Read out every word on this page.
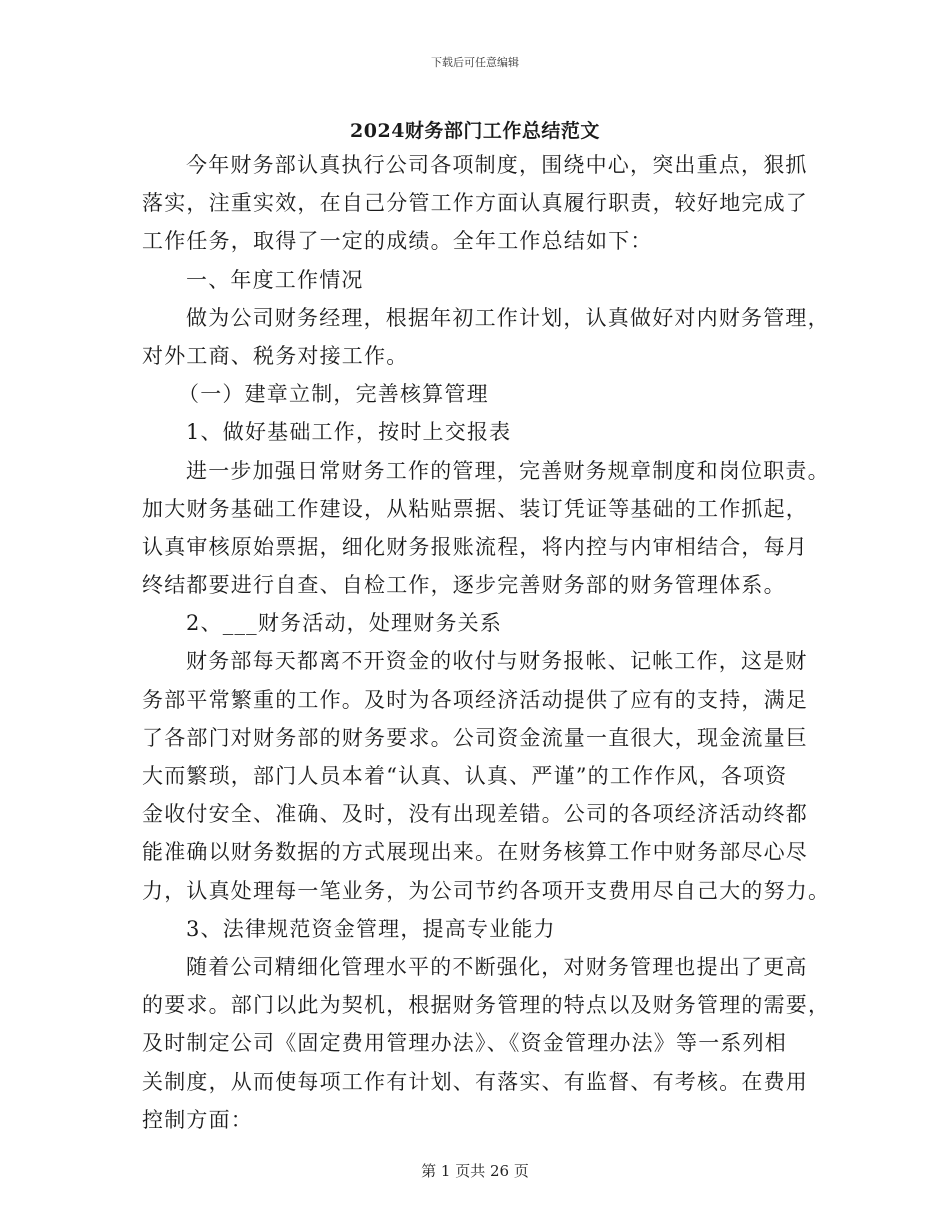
下载后可任意编辑
2024财务部门工作总结范文
今年财务部认真执行公司各项制度，围绕中心，突出重点，狠抓
落实，注重实效，在自己分管工作方面认真履行职责，较好地完成了
工作任务，取得了一定的成绩。全年工作总结如下：
一、年度工作情况
做为公司财务经理，根据年初工作计划，认真做好对内财务管理，
对外工商、税务对接工作。
（一）建章立制，完善核算管理
1、做好基础工作，按时上交报表
进一步加强日常财务工作的管理，完善财务规章制度和岗位职责。
加大财务基础工作建设，从粘贴票据、装订凭证等基础的工作抓起，
认真审核原始票据，细化财务报账流程，将内控与内审相结合，每月
终结都要进行自查、自检工作，逐步完善财务部的财务管理体系。
2、___财务活动，处理财务关系
财务部每天都离不开资金的收付与财务报帐、记帐工作，这是财
务部平常繁重的工作。及时为各项经济活动提供了应有的支持，满足
了各部门对财务部的财务要求。公司资金流量一直很大，现金流量巨
大而繁琐，部门人员本着“认真、认真、严谨”的工作作风，各项资
金收付安全、准确、及时，没有出现差错。公司的各项经济活动终都
能准确以财务数据的方式展现出来。在财务核算工作中财务部尽心尽
力，认真处理每一笔业务，为公司节约各项开支费用尽自己大的努力。
3、法律规范资金管理，提高专业能力
随着公司精细化管理水平的不断强化，对财务管理也提出了更高
的要求。部门以此为契机，根据财务管理的特点以及财务管理的需要，
及时制定公司《固定费用管理办法》、《资金管理办法》等一系列相
关制度，从而使每项工作有计划、有落实、有监督、有考核。在费用
控制方面：
第 1 页共 26 页
